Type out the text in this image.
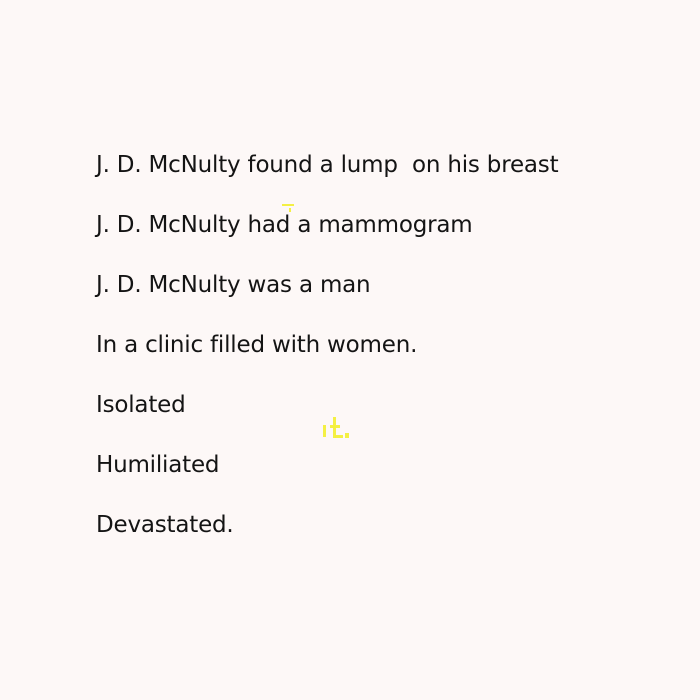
J. D. McNulty found a lump  on his breast
J. D. McNulty had a mammogram
J. D. McNulty was a man
In a clinic filled with women.
Isolated
Humiliated
Devastated.
